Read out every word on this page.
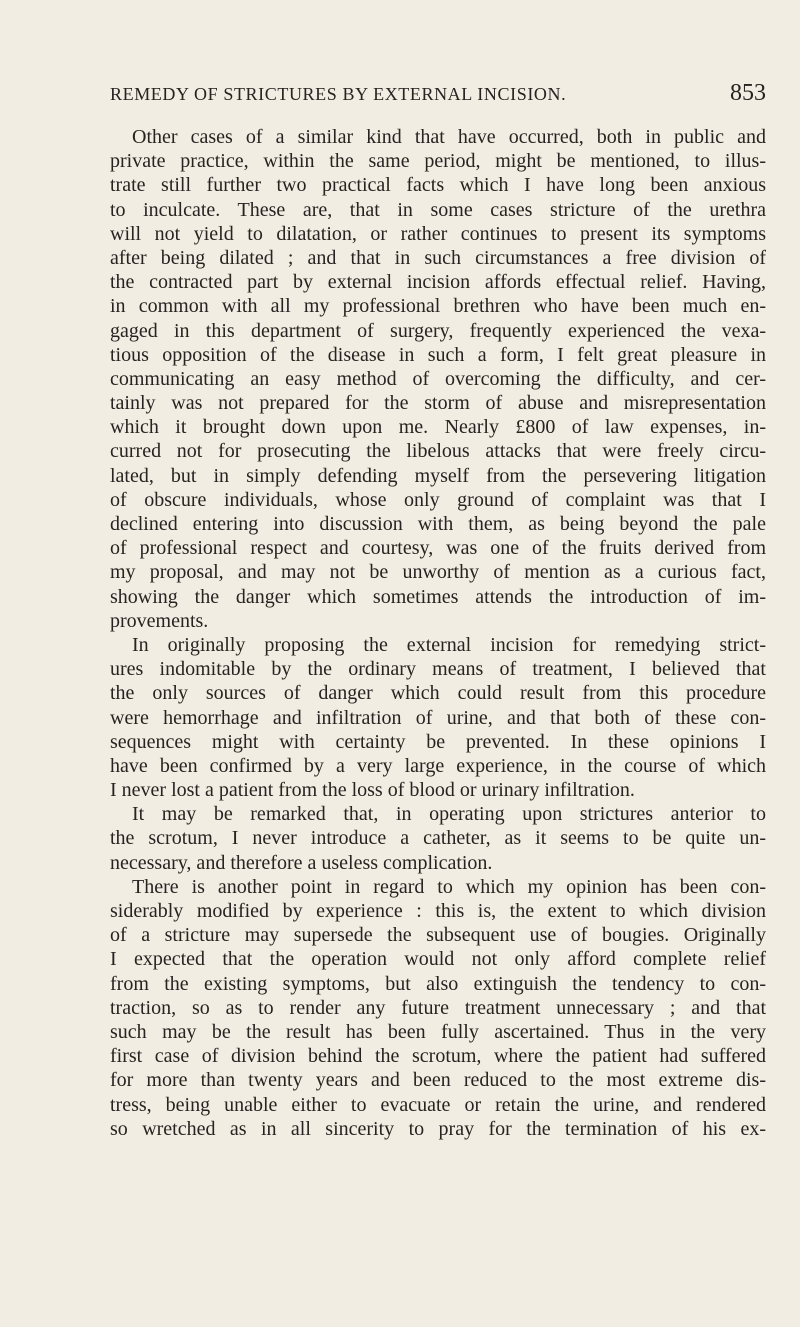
REMEDY OF STRICTURES BY EXTERNAL INCISION.	853
Other cases of a similar kind that have occurred, both in public and
private practice, within the same period, might be mentioned, to illus-
trate still further two practical facts which I have long been anxious
to inculcate. These are, that in some cases stricture of the urethra
will not yield to dilatation, or rather continues to present its symptoms
after being dilated ; and that in such circumstances a free division of
the contracted part by external incision affords effectual relief. Having,
in common with all my professional brethren who have been much en-
gaged in this department of surgery, frequently experienced the vexa-
tious opposition of the disease in such a form, I felt great pleasure in
communicating an easy method of overcoming the difficulty, and cer-
tainly was not prepared for the storm of abuse and misrepresentation
which it brought down upon me. Nearly £800 of law expenses, in-
curred not for prosecuting the libelous attacks that were freely circu-
lated, but in simply defending myself from the persevering litigation
of obscure individuals, whose only ground of complaint was that I
declined entering into discussion with them, as being beyond the pale
of professional respect and courtesy, was one of the fruits derived from
my proposal, and may not be unworthy of mention as a curious fact,
showing the danger which sometimes attends the introduction of im-
provements.
In originally proposing the external incision for remedying strict-
ures indomitable by the ordinary means of treatment, I believed that
the only sources of danger which could result from this procedure
were hemorrhage and infiltration of urine, and that both of these con-
sequences might with certainty be prevented. In these opinions I
have been confirmed by a very large experience, in the course of which
I never lost a patient from the loss of blood or urinary infiltration.
It may be remarked that, in operating upon strictures anterior to
the scrotum, I never introduce a catheter, as it seems to be quite un-
necessary, and therefore a useless complication.
There is another point in regard to which my opinion has been con-
siderably modified by experience : this is, the extent to which division
of a stricture may supersede the subsequent use of bougies. Originally
I expected that the operation would not only afford complete relief
from the existing symptoms, but also extinguish the tendency to con-
traction, so as to render any future treatment unnecessary ; and that
such may be the result has been fully ascertained. Thus in the very
first case of division behind the scrotum, where the patient had suffered
for more than twenty years and been reduced to the most extreme dis-
tress, being unable either to evacuate or retain the urine, and rendered
so wretched as in all sincerity to pray for the termination of his ex-
